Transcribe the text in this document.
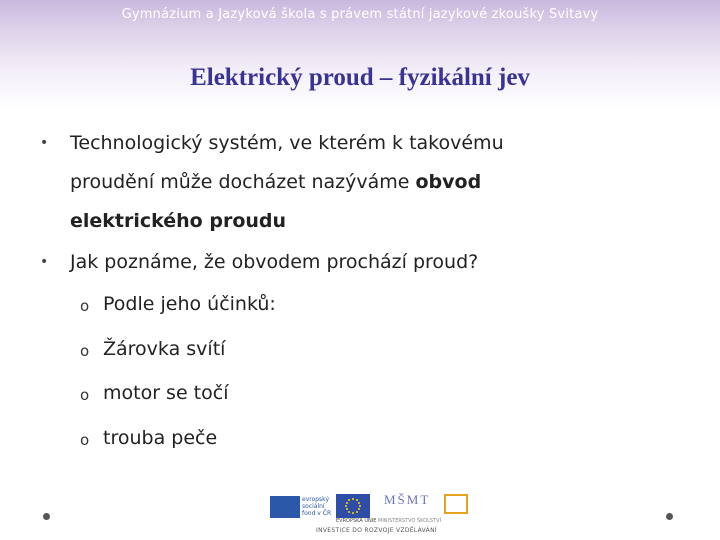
Gymnázium a Jazyková škola s právem státní jazykové zkoušky Svitavy
Elektrický proud – fyzikální jev
• Technologický systém, ve kterém k takovému
proudění může docházet nazýváme obvod
elektrického proudu
• Jak poznáme, že obvodem prochází proud?
o Podle jeho účinků:
o Žárovka svítí
o motor se točí
o trouba peče
evropský
sociální
fond v ČR
EVROPSKÁ UNIE
MŠMT
MINISTERSTVO ŠKOLSTVÍ
INVESTICE DO ROZVOJE VZDĚLÁVÁNÍ
